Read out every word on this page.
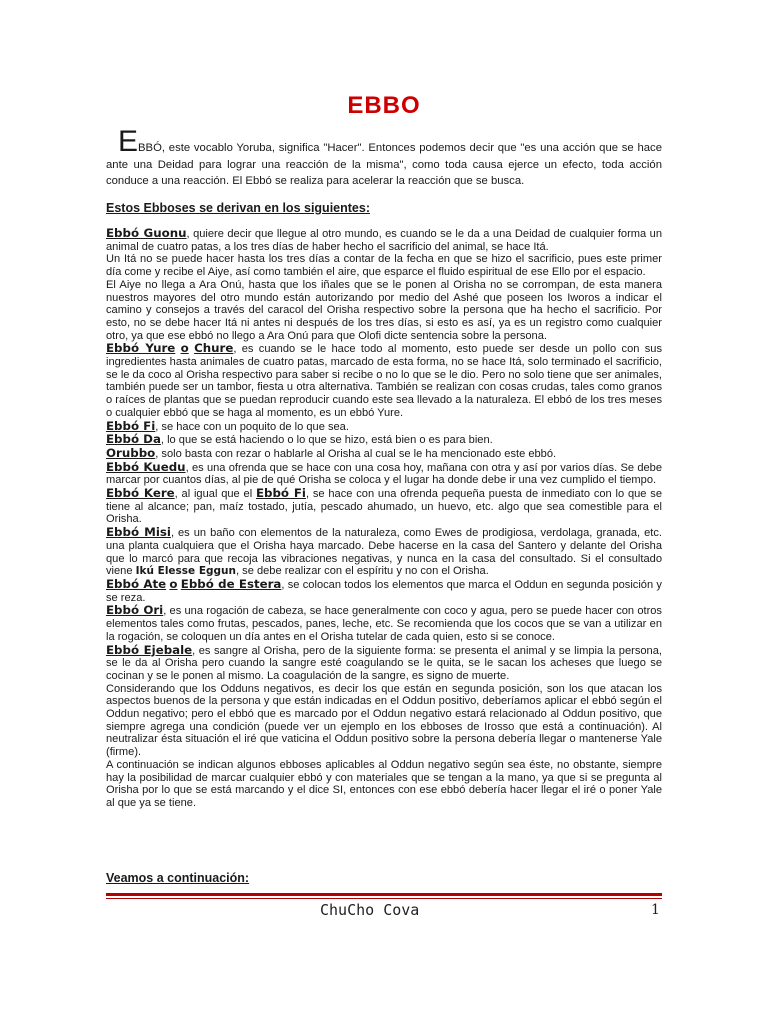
EBBO
EBBÓ, este vocablo Yoruba, significa "Hacer". Entonces podemos decir que "es una acción que se hace ante una Deidad para lograr una reacción de la misma", como toda causa ejerce un efecto, toda acción conduce a una reacción. El Ebbó se realiza para acelerar la reacción que se busca.
Estos Ebboses se derivan en los siguientes:

Ebbó Guonu, quiere decir que llegue al otro mundo, es cuando se le da a una Deidad de cualquier forma un animal de cuatro patas, a los tres días de haber hecho el sacrificio del animal, se hace Itá.

Un Itá no se puede hacer hasta los tres días a contar de la fecha en que se hizo el sacrificio, pues este primer día come y recibe el Aiye, así como también el aire, que esparce el fluido espiritual de ese Ello por el espacio.

El Aiye no llega a Ara Onú, hasta que los iñales que se le ponen al Orisha no se corrompan, de esta manera nuestros mayores del otro mundo están autorizando por medio del Ashé que poseen los Iworos a indicar el camino y consejos a través del caracol del Orisha respectivo sobre la persona que ha hecho el sacrificio. Por esto, no se debe hacer Itá ni antes ni después de los tres días, si esto es así, ya es un registro como cualquier otro, ya que ese ebbó no llego a Ara Onú para que Olofi dicte sentencia sobre la persona.

Ebbó Yure o Chure, es cuando se le hace todo al momento, esto puede ser desde un pollo con sus ingredientes hasta animales de cuatro patas, marcado de esta forma, no se hace Itá, solo terminado el sacrificio, se le da coco al Orisha respectivo para saber si recibe o no lo que se le dio. Pero no solo tiene que ser animales, también puede ser un tambor, fiesta u otra alternativa. También se realizan con cosas crudas, tales como granos o raíces de plantas que se puedan reproducir cuando este sea llevado a la naturaleza. El ebbó de los tres meses o cualquier ebbó que se haga al momento, es un ebbó Yure.

Ebbó Fi, se hace con un poquito de lo que sea.

Ebbó Da, lo que se está haciendo o lo que se hizo, está bien o es para bien.

Orubbo, solo basta con rezar o hablarle al Orisha al cual se le ha mencionado este ebbó.

Ebbó Kuedu, es una ofrenda que se hace con una cosa hoy, mañana con otra y así por varios días. Se debe marcar por cuantos días, al pie de qué Orisha se coloca y el lugar ha donde debe ir una vez cumplido el tiempo.

Ebbó Kere, al igual que el Ebbó Fi, se hace con una ofrenda pequeña puesta de inmediato con lo que se tiene al alcance; pan, maíz tostado, jutía, pescado ahumado, un huevo, etc. algo que sea comestible para el Orisha.

Ebbó Misi, es un baño con elementos de la naturaleza, como Ewes de prodigiosa, verdolaga, granada, etc. una planta cualquiera que el Orisha haya marcado. Debe hacerse en la casa del Santero y delante del Orisha que lo marcó para que recoja las vibraciones negativas, y nunca en la casa del consultado. Si el consultado viene Ikú Elesse Eggun, se debe realizar con el espíritu y no con el Orisha.

Ebbó Ate o Ebbó de Estera, se colocan todos los elementos que marca el Oddun en segunda posición y se reza.

Ebbó Ori, es una rogación de cabeza, se hace generalmente con coco y agua, pero se puede hacer con otros elementos tales como frutas, pescados, panes, leche, etc. Se recomienda que los cocos que se van a utilizar en la rogación, se coloquen un día antes en el Orisha tutelar de cada quien, esto si se conoce.

Ebbó Ejebale, es sangre al Orisha, pero de la siguiente forma: se presenta el animal y se limpia la persona, se le da al Orisha pero cuando la sangre esté coagulando se le quita, se le sacan los acheses que luego se cocinan y se le ponen al mismo. La coagulación de la sangre, es signo de muerte.

Considerando que los Odduns negativos, es decir los que están en segunda posición, son los que atacan los aspectos buenos de la persona y que están indicadas en el Oddun positivo, deberíamos aplicar el ebbó según el Oddun negativo; pero el ebbó que es marcado por el Oddun negativo estará relacionado al Oddun positivo, que siempre agrega una condición (puede ver un ejemplo en los ebboses de Irosso que está a continuación). Al neutralizar ésta situación el iré que vaticina el Oddun positivo sobre la persona debería llegar o mantenerse Yale (firme).

A continuación se indican algunos ebboses aplicables al Oddun negativo según sea éste, no obstante, siempre hay la posibilidad de marcar cualquier ebbó y con materiales que se tengan a la mano, ya que si se pregunta al Orisha por lo que se está marcando y el dice SI, entonces con ese ebbó debería hacer llegar el iré o poner Yale al que ya se tiene.

Veamos a continuación:
ChuCho Cova	1
